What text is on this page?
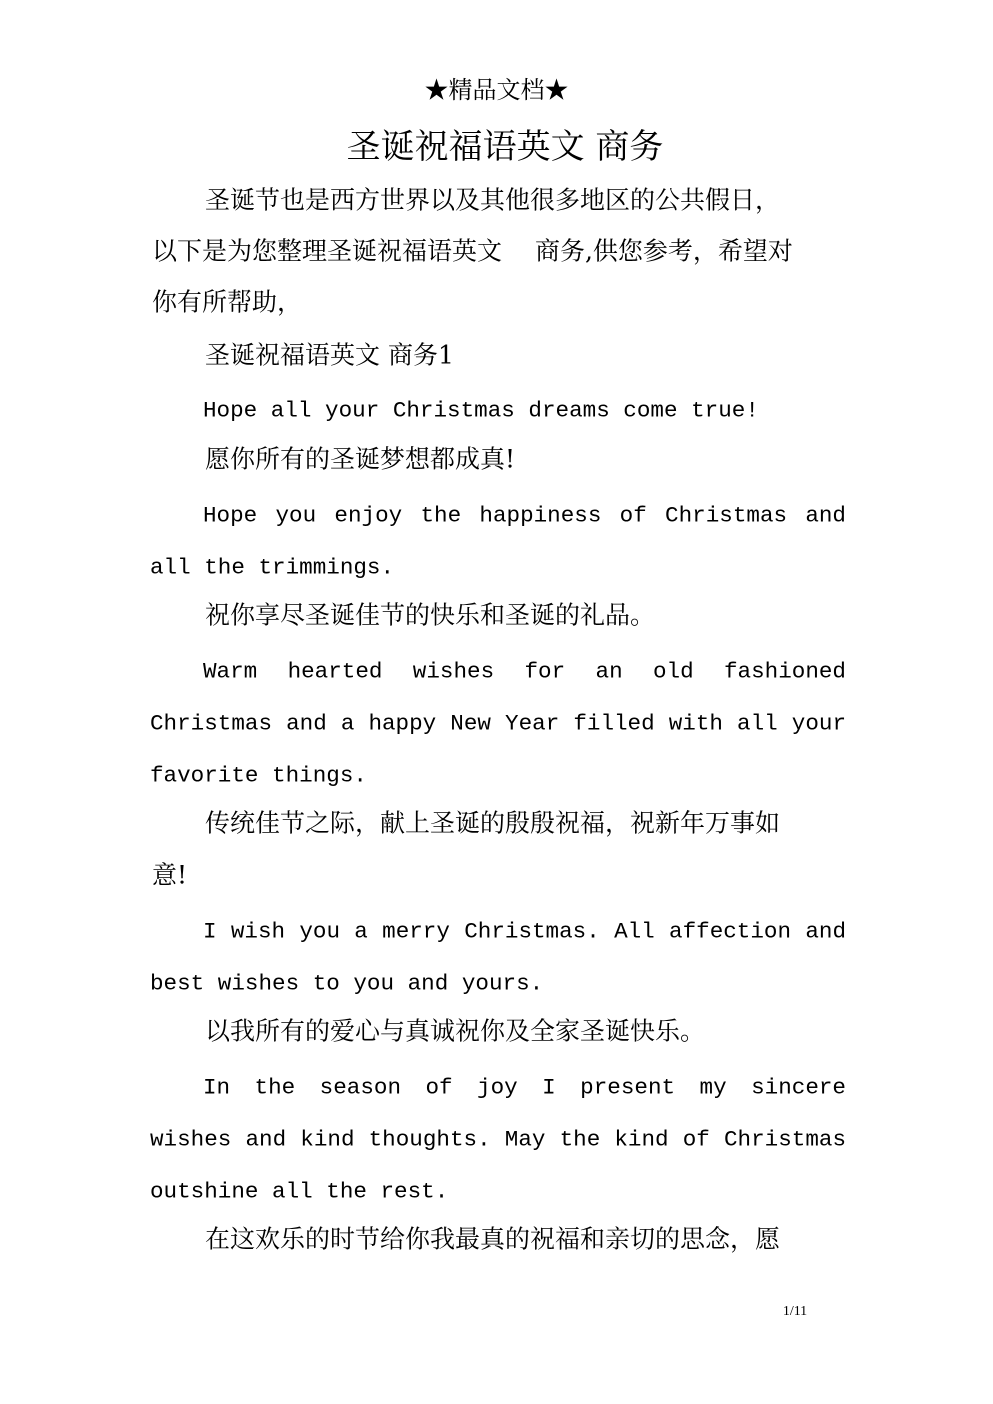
★精品文档★
圣诞祝福语英文 商务
圣诞节也是西方世界以及其他很多地区的公共假日，
以下是为您整理圣诞祝福语英文　 商务,供您参考，希望对
你有所帮助，
圣诞祝福语英文 商务1
Hope all your Christmas dreams come true!
愿你所有的圣诞梦想都成真!
Hope you enjoy the happiness of Christmas and
all the trimmings.
祝你享尽圣诞佳节的快乐和圣诞的礼品。
Warm hearted wishes for an old fashioned
Christmas and a happy New Year filled with all your
favorite things.
传统佳节之际，献上圣诞的殷殷祝福，祝新年万事如
意!
I wish you a merry Christmas. All affection and
best wishes to you and yours.
以我所有的爱心与真诚祝你及全家圣诞快乐。
In the season of joy I present my sincere
wishes and kind thoughts. May the kind of Christmas
outshine all the rest.
在这欢乐的时节给你我最真的祝福和亲切的思念，愿
1/11
